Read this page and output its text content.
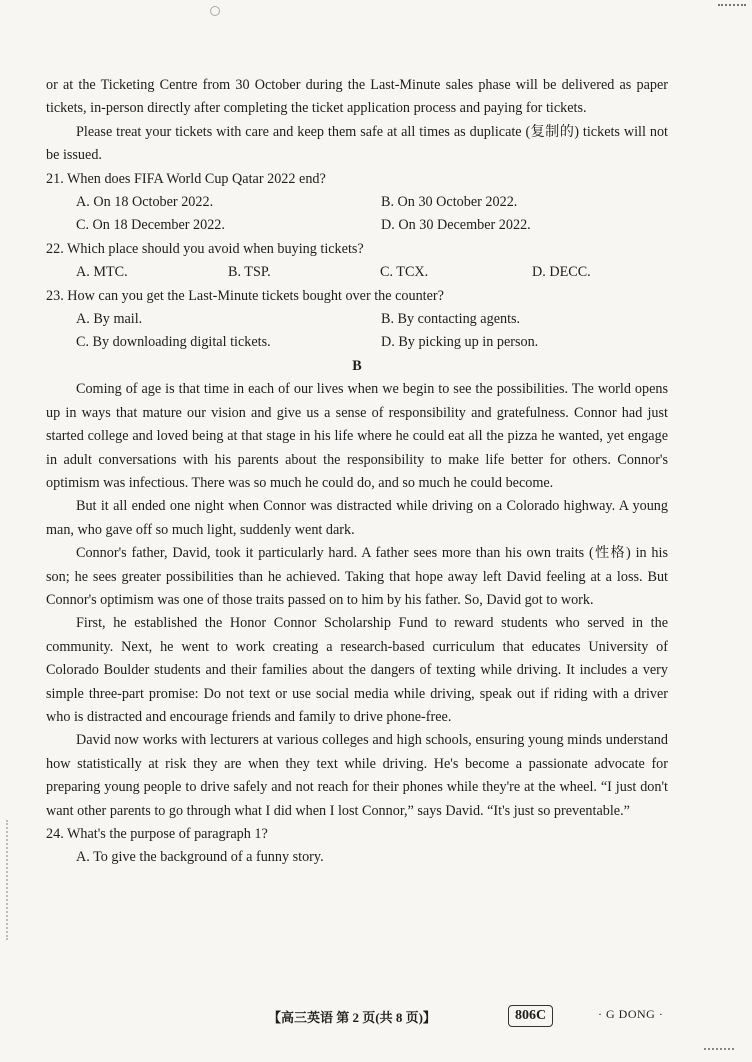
or at the Ticketing Centre from 30 October during the Last-Minute sales phase will be delivered as paper tickets, in-person directly after completing the ticket application process and paying for tickets.

Please treat your tickets with care and keep them safe at all times as duplicate (复制的) tickets will not be issued.

21. When does FIFA World Cup Qatar 2022 end?

A. On 18 October 2022.	B. On 30 October 2022.
C. On 18 December 2022.	D. On 30 December 2022.

22. Which place should you avoid when buying tickets?

A. MTC.	B. TSP.	C. TCX.	D. DECC.

23. How can you get the Last-Minute tickets bought over the counter?

A. By mail.	B. By contacting agents.
C. By downloading digital tickets.	D. By picking up in person.
B

Coming of age is that time in each of our lives when we begin to see the possibilities. The world opens up in ways that mature our vision and give us a sense of responsibility and gratefulness. Connor had just started college and loved being at that stage in his life where he could eat all the pizza he wanted, yet engage in adult conversations with his parents about the responsibility to make life better for others. Connor's optimism was infectious. There was so much he could do, and so much he could become.

But it all ended one night when Connor was distracted while driving on a Colorado highway. A young man, who gave off so much light, suddenly went dark.

Connor's father, David, took it particularly hard. A father sees more than his own traits (性格) in his son; he sees greater possibilities than he achieved. Taking that hope away left David feeling at a loss. But Connor's optimism was one of those traits passed on to him by his father. So, David got to work.

First, he established the Honor Connor Scholarship Fund to reward students who served in the community. Next, he went to work creating a research-based curriculum that educates University of Colorado Boulder students and their families about the dangers of texting while driving. It includes a very simple three-part promise: Do not text or use social media while driving, speak out if riding with a driver who is distracted and encourage friends and family to drive phone-free.

David now works with lecturers at various colleges and high schools, ensuring young minds understand how statistically at risk they are when they text while driving. He's become a passionate advocate for preparing young people to drive safely and not reach for their phones while they're at the wheel. “I just don't want other parents to go through what I did when I lost Connor,” says David. “It's just so preventable.”

24. What's the purpose of paragraph 1?

A. To give the background of a funny story.
【高三英语 第 2 页(共 8 页)】	806C	· G DONG ·
